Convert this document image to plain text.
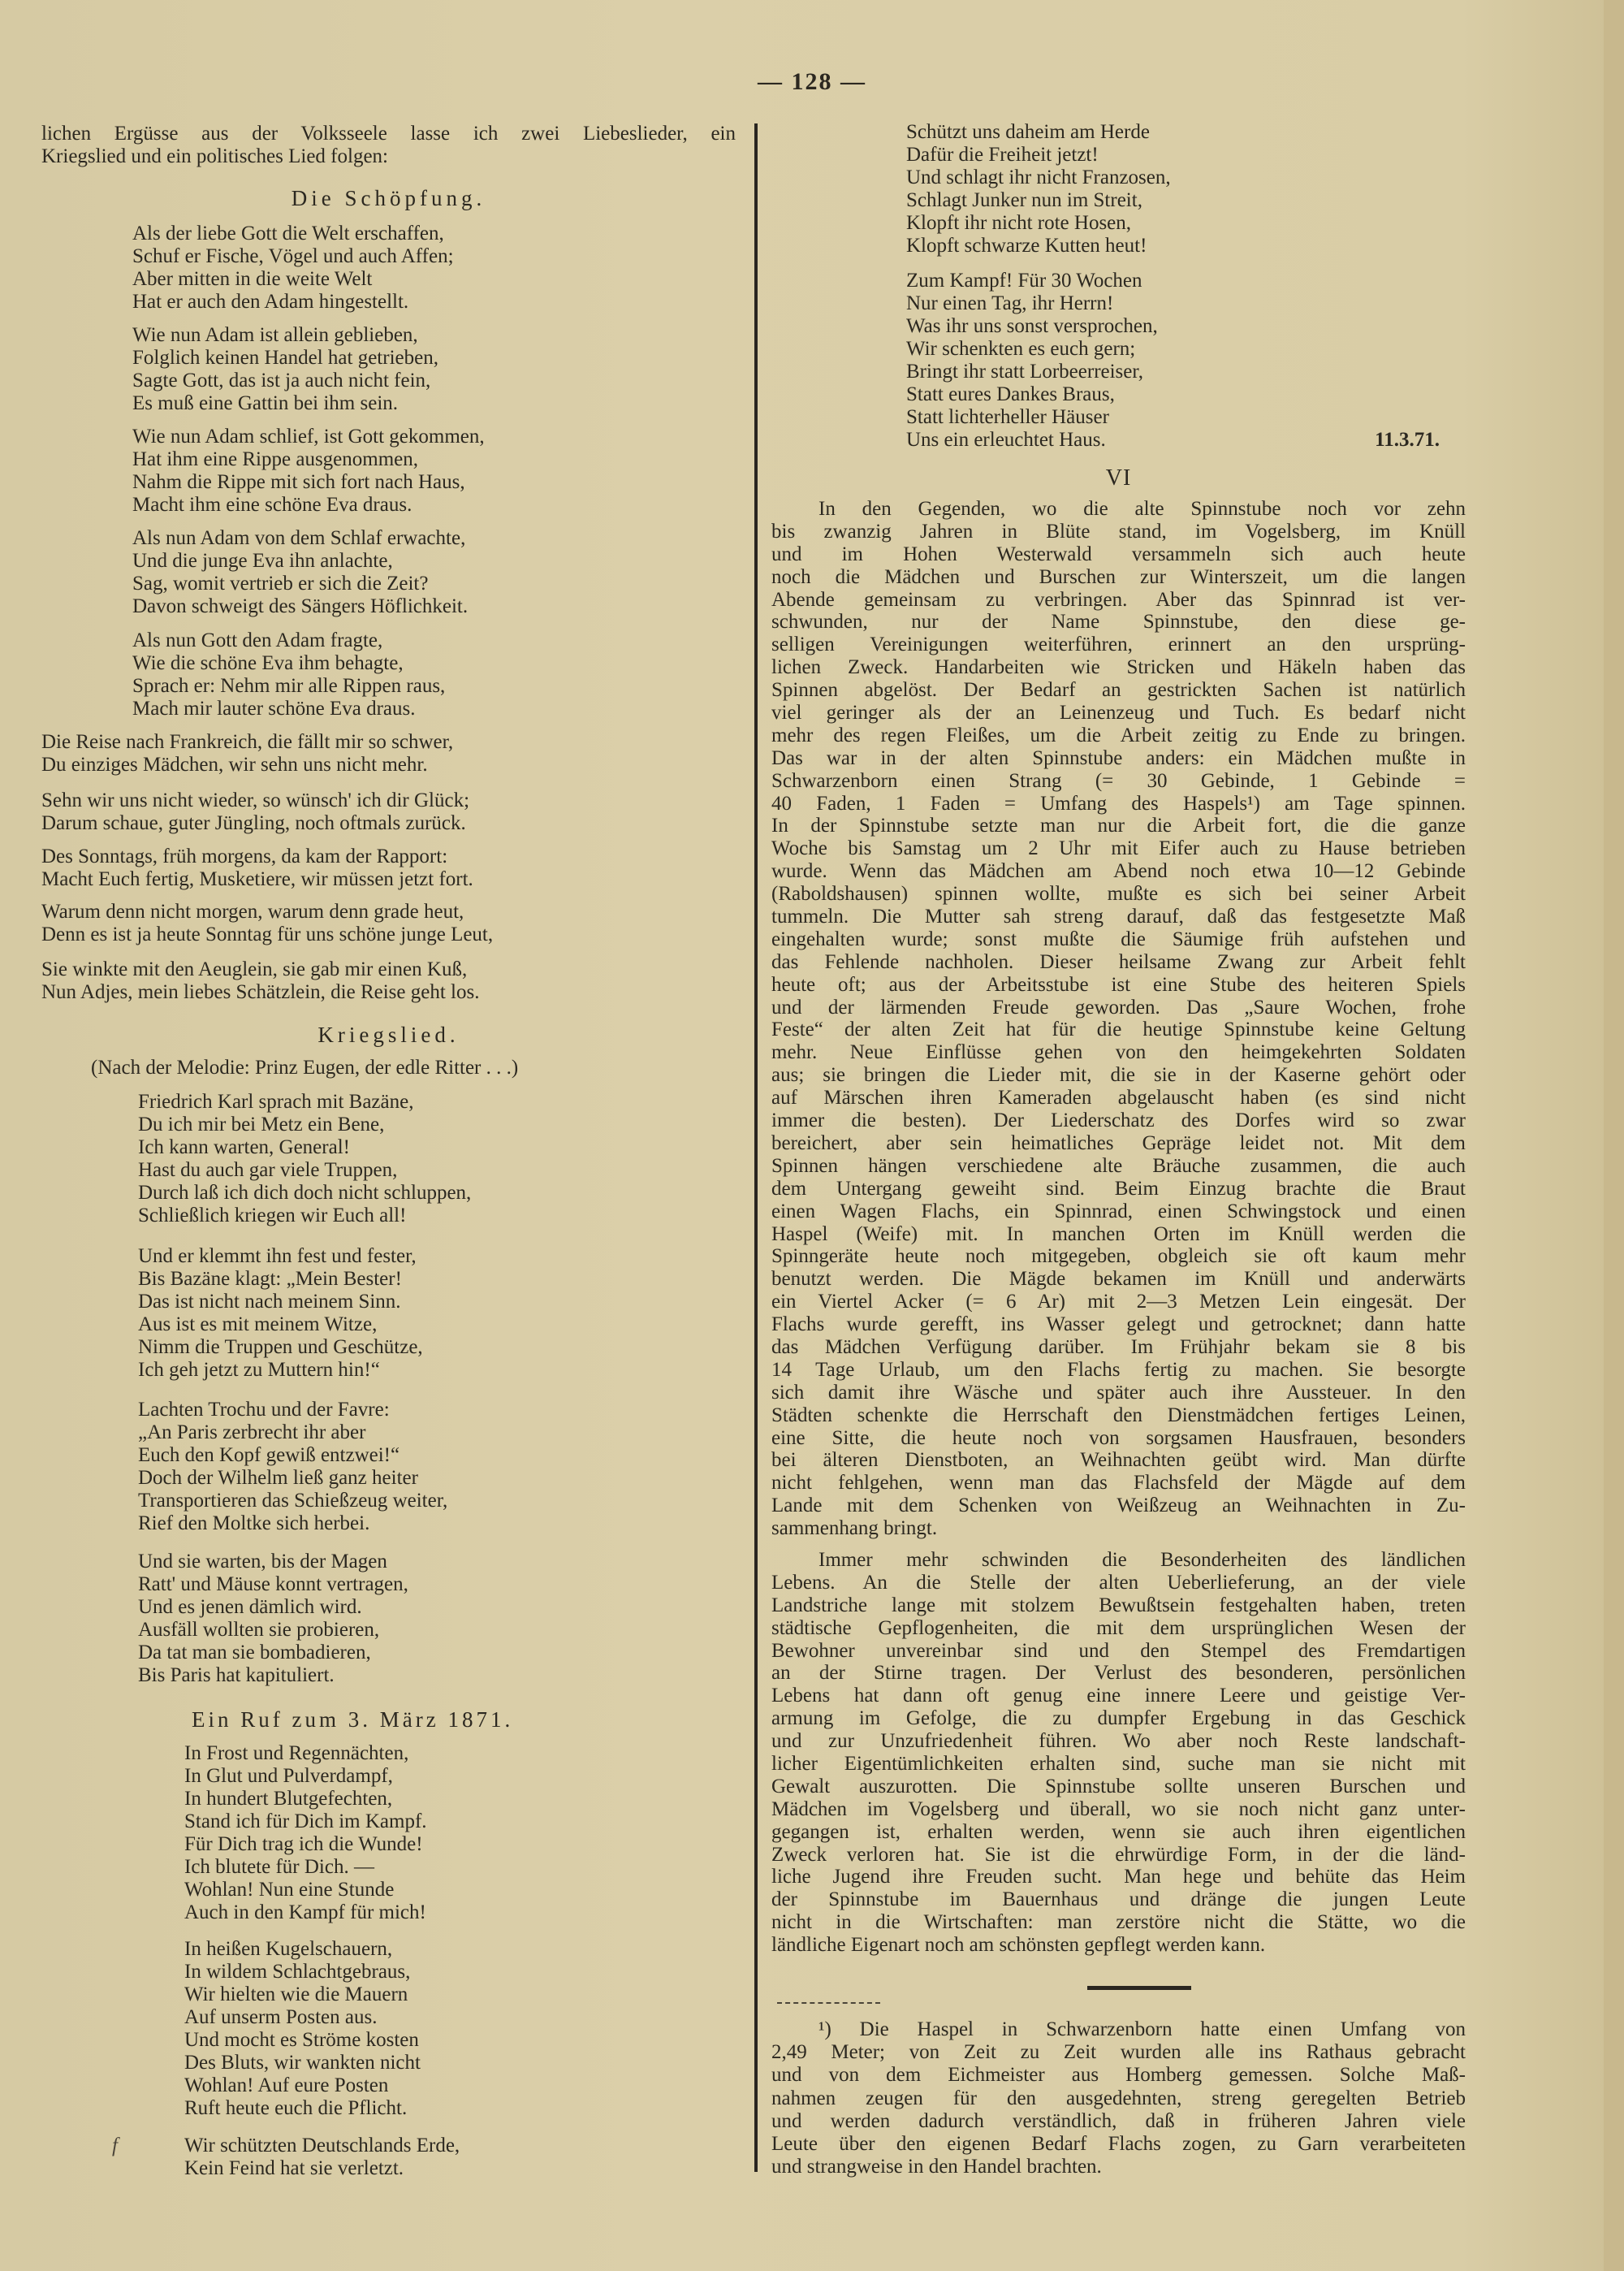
— 128 —
lichen Ergüsse aus der Volksseele lasse ich zwei Liebeslieder, ein
Kriegslied und ein politisches Lied folgen:
Die Schöpfung.
Als der liebe Gott die Welt erschaffen,
Schuf er Fische, Vögel und auch Affen;
Aber mitten in die weite Welt
Hat er auch den Adam hingestellt.
Wie nun Adam ist allein geblieben,
Folglich keinen Handel hat getrieben,
Sagte Gott, das ist ja auch nicht fein,
Es muß eine Gattin bei ihm sein.
Wie nun Adam schlief, ist Gott gekommen,
Hat ihm eine Rippe ausgenommen,
Nahm die Rippe mit sich fort nach Haus,
Macht ihm eine schöne Eva draus.
Als nun Adam von dem Schlaf erwachte,
Und die junge Eva ihn anlachte,
Sag, womit vertrieb er sich die Zeit?
Davon schweigt des Sängers Höflichkeit.
Als nun Gott den Adam fragte,
Wie die schöne Eva ihm behagte,
Sprach er: Nehm mir alle Rippen raus,
Mach mir lauter schöne Eva draus.
Die Reise nach Frankreich, die fällt mir so schwer,
Du einziges Mädchen, wir sehn uns nicht mehr.
Sehn wir uns nicht wieder, so wünsch' ich dir Glück;
Darum schaue, guter Jüngling, noch oftmals zurück.
Des Sonntags, früh morgens, da kam der Rapport:
Macht Euch fertig, Musketiere, wir müssen jetzt fort.
Warum denn nicht morgen, warum denn grade heut,
Denn es ist ja heute Sonntag für uns schöne junge Leut,
Sie winkte mit den Aeuglein, sie gab mir einen Kuß,
Nun Adjes, mein liebes Schätzlein, die Reise geht los.
Kriegslied.
(Nach der Melodie: Prinz Eugen, der edle Ritter . . .)
Friedrich Karl sprach mit Bazäne,
Du ich mir bei Metz ein Bene,
Ich kann warten, General!
Hast du auch gar viele Truppen,
Durch laß ich dich doch nicht schluppen,
Schließlich kriegen wir Euch all!
Und er klemmt ihn fest und fester,
Bis Bazäne klagt: „Mein Bester!
Das ist nicht nach meinem Sinn.
Aus ist es mit meinem Witze,
Nimm die Truppen und Geschütze,
Ich geh jetzt zu Muttern hin!“
Lachten Trochu und der Favre:
„An Paris zerbrecht ihr aber
Euch den Kopf gewiß entzwei!“
Doch der Wilhelm ließ ganz heiter
Transportieren das Schießzeug weiter,
Rief den Moltke sich herbei.
Und sie warten, bis der Magen
Ratt' und Mäuse konnt vertragen,
Und es jenen dämlich wird.
Ausfäll wollten sie probieren,
Da tat man sie bombadieren,
Bis Paris hat kapituliert.
Ein Ruf zum 3. März 1871.
In Frost und Regennächten,
In Glut und Pulverdampf,
In hundert Blutgefechten,
Stand ich für Dich im Kampf.
Für Dich trag ich die Wunde!
Ich blutete für Dich. —
Wohlan! Nun eine Stunde
Auch in den Kampf für mich!
In heißen Kugelschauern,
In wildem Schlachtgebraus,
Wir hielten wie die Mauern
Auf unserm Posten aus.
Und mocht es Ströme kosten
Des Bluts, wir wankten nicht
Wohlan! Auf eure Posten
Ruft heute euch die Pflicht.
f	Wir schützten Deutschlands Erde,
Kein Feind hat sie verletzt.
Schützt uns daheim am Herde
Dafür die Freiheit jetzt!
Und schlagt ihr nicht Franzosen,
Schlagt Junker nun im Streit,
Klopft ihr nicht rote Hosen,
Klopft schwarze Kutten heut!
Zum Kampf! Für 30 Wochen
Nur einen Tag, ihr Herrn!
Was ihr uns sonst versprochen,
Wir schenkten es euch gern;
Bringt ihr statt Lorbeerreiser,
Statt eures Dankes Braus,
Statt lichterheller Häuser
Uns ein erleuchtet Haus.	11.3.71.
VI
In den Gegenden, wo die alte Spinnstube noch vor zehn
bis zwanzig Jahren in Blüte stand, im Vogelsberg, im Knüll
und im Hohen Westerwald versammeln sich auch heute
noch die Mädchen und Burschen zur Winterszeit, um die langen
Abende gemeinsam zu verbringen. Aber das Spinnrad ist ver-
schwunden, nur der Name Spinnstube, den diese ge-
selligen Vereinigungen weiterführen, erinnert an den ursprüng-
lichen Zweck. Handarbeiten wie Stricken und Häkeln haben das
Spinnen abgelöst. Der Bedarf an gestrickten Sachen ist natürlich
viel geringer als der an Leinenzeug und Tuch. Es bedarf nicht
mehr des regen Fleißes, um die Arbeit zeitig zu Ende zu bringen.
Das war in der alten Spinnstube anders: ein Mädchen mußte in
Schwarzenborn einen Strang (= 30 Gebinde, 1 Gebinde =
40 Faden, 1 Faden = Umfang des Haspels¹) am Tage spinnen.
In der Spinnstube setzte man nur die Arbeit fort, die die ganze
Woche bis Samstag um 2 Uhr mit Eifer auch zu Hause betrieben
wurde. Wenn das Mädchen am Abend noch etwa 10—12 Gebinde
(Raboldshausen) spinnen wollte, mußte es sich bei seiner Arbeit
tummeln. Die Mutter sah streng darauf, daß das festgesetzte Maß
eingehalten wurde; sonst mußte die Säumige früh aufstehen und
das Fehlende nachholen. Dieser heilsame Zwang zur Arbeit fehlt
heute oft; aus der Arbeitsstube ist eine Stube des heiteren Spiels
und der lärmenden Freude geworden. Das „Saure Wochen, frohe
Feste“ der alten Zeit hat für die heutige Spinnstube keine Geltung
mehr. Neue Einflüsse gehen von den heimgekehrten Soldaten
aus; sie bringen die Lieder mit, die sie in der Kaserne gehört oder
auf Märschen ihren Kameraden abgelauscht haben (es sind nicht
immer die besten). Der Liederschatz des Dorfes wird so zwar
bereichert, aber sein heimatliches Gepräge leidet not. Mit dem
Spinnen hängen verschiedene alte Bräuche zusammen, die auch
dem Untergang geweiht sind. Beim Einzug brachte die Braut
einen Wagen Flachs, ein Spinnrad, einen Schwingstock und einen
Haspel (Weife) mit. In manchen Orten im Knüll werden die
Spinngeräte heute noch mitgegeben, obgleich sie oft kaum mehr
benutzt werden. Die Mägde bekamen im Knüll und anderwärts
ein Viertel Acker (= 6 Ar) mit 2—3 Metzen Lein eingesät. Der
Flachs wurde gerefft, ins Wasser gelegt und getrocknet; dann hatte
das Mädchen Verfügung darüber. Im Frühjahr bekam sie 8 bis
14 Tage Urlaub, um den Flachs fertig zu machen. Sie besorgte
sich damit ihre Wäsche und später auch ihre Aussteuer. In den
Städten schenkte die Herrschaft den Dienstmädchen fertiges Leinen,
eine Sitte, die heute noch von sorgsamen Hausfrauen, besonders
bei älteren Dienstboten, an Weihnachten geübt wird. Man dürfte
nicht fehlgehen, wenn man das Flachsfeld der Mägde auf dem
Lande mit dem Schenken von Weißzeug an Weihnachten in Zu-
sammenhang bringt.
Immer mehr schwinden die Besonderheiten des ländlichen
Lebens. An die Stelle der alten Ueberlieferung, an der viele
Landstriche lange mit stolzem Bewußtsein festgehalten haben, treten
städtische Gepflogenheiten, die mit dem ursprünglichen Wesen der
Bewohner unvereinbar sind und den Stempel des Fremdartigen
an der Stirne tragen. Der Verlust des besonderen, persönlichen
Lebens hat dann oft genug eine innere Leere und geistige Ver-
armung im Gefolge, die zu dumpfer Ergebung in das Geschick
und zur Unzufriedenheit führen. Wo aber noch Reste landschaft-
licher Eigentümlichkeiten erhalten sind, suche man sie nicht mit
Gewalt auszurotten. Die Spinnstube sollte unseren Burschen und
Mädchen im Vogelsberg und überall, wo sie noch nicht ganz unter-
gegangen ist, erhalten werden, wenn sie auch ihren eigentlichen
Zweck verloren hat. Sie ist die ehrwürdige Form, in der die länd-
liche Jugend ihre Freuden sucht. Man hege und behüte das Heim
der Spinnstube im Bauernhaus und dränge die jungen Leute
nicht in die Wirtschaften: man zerstöre nicht die Stätte, wo die
ländliche Eigenart noch am schönsten gepflegt werden kann.
¹) Die Haspel in Schwarzenborn hatte einen Umfang von
2,49 Meter; von Zeit zu Zeit wurden alle ins Rathaus gebracht
und von dem Eichmeister aus Homberg gemessen. Solche Maß-
nahmen zeugen für den ausgedehnten, streng geregelten Betrieb
und werden dadurch verständlich, daß in früheren Jahren viele
Leute über den eigenen Bedarf Flachs zogen, zu Garn verarbeiteten
und strangweise in den Handel brachten.
